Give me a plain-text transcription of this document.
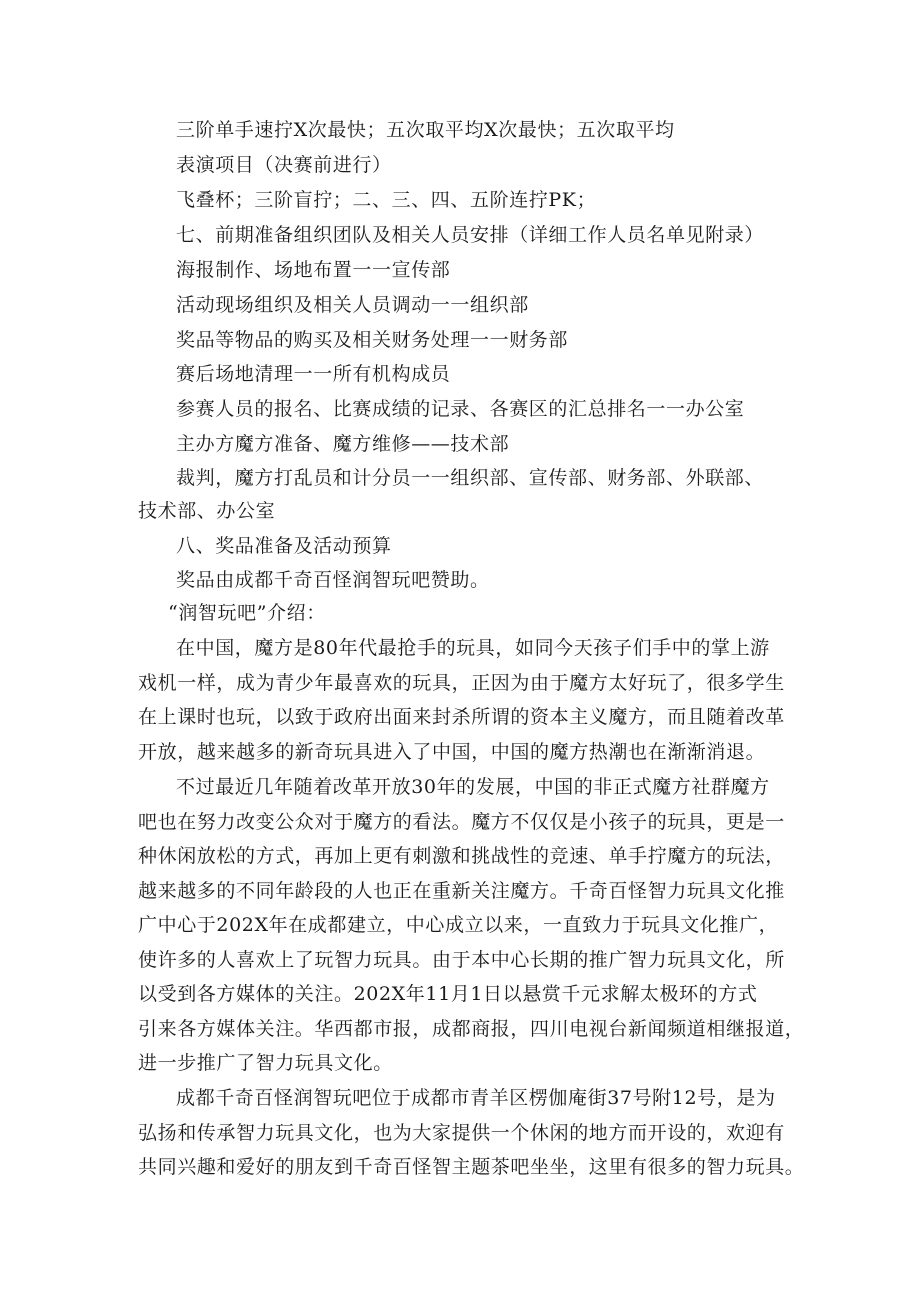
三阶单手速拧X次最快；五次取平均X次最快；五次取平均
表演项目（决赛前进行）
飞叠杯；三阶盲拧；二、三、四、五阶连拧PK；
七、前期准备组织团队及相关人员安排（详细工作人员名单见附录）
海报制作、场地布置一一宣传部
活动现场组织及相关人员调动一一组织部
奖品等物品的购买及相关财务处理一一财务部
赛后场地清理一一所有机构成员
参赛人员的报名、比赛成绩的记录、各赛区的汇总排名一一办公室
主办方魔方准备、魔方维修——技术部
裁判，魔方打乱员和计分员一一组织部、宣传部、财务部、外联部、
技术部、办公室
八、奖品准备及活动预算
奖品由成都千奇百怪润智玩吧赞助。
“润智玩吧”介绍：
在中国，魔方是80年代最抢手的玩具，如同今天孩子们手中的掌上游
戏机一样，成为青少年最喜欢的玩具，正因为由于魔方太好玩了，很多学生
在上课时也玩，以致于政府出面来封杀所谓的资本主义魔方，而且随着改革
开放，越来越多的新奇玩具进入了中国，中国的魔方热潮也在渐渐消退。
不过最近几年随着改革开放30年的发展，中国的非正式魔方社群魔方
吧也在努力改变公众对于魔方的看法。魔方不仅仅是小孩子的玩具，更是一
种休闲放松的方式，再加上更有刺激和挑战性的竞速、单手拧魔方的玩法，
越来越多的不同年龄段的人也正在重新关注魔方。千奇百怪智力玩具文化推
广中心于202X年在成都建立，中心成立以来，一直致力于玩具文化推广，
使许多的人喜欢上了玩智力玩具。由于本中心长期的推广智力玩具文化，所
以受到各方媒体的关注。202X年11月1日以悬赏千元求解太极环的方式
引来各方媒体关注。华西都市报，成都商报，四川电视台新闻频道相继报道，
进一步推广了智力玩具文化。
成都千奇百怪润智玩吧位于成都市青羊区楞伽庵街37号附12号，是为
弘扬和传承智力玩具文化，也为大家提供一个休闲的地方而开设的，欢迎有
共同兴趣和爱好的朋友到千奇百怪智主题茶吧坐坐，这里有很多的智力玩具。
